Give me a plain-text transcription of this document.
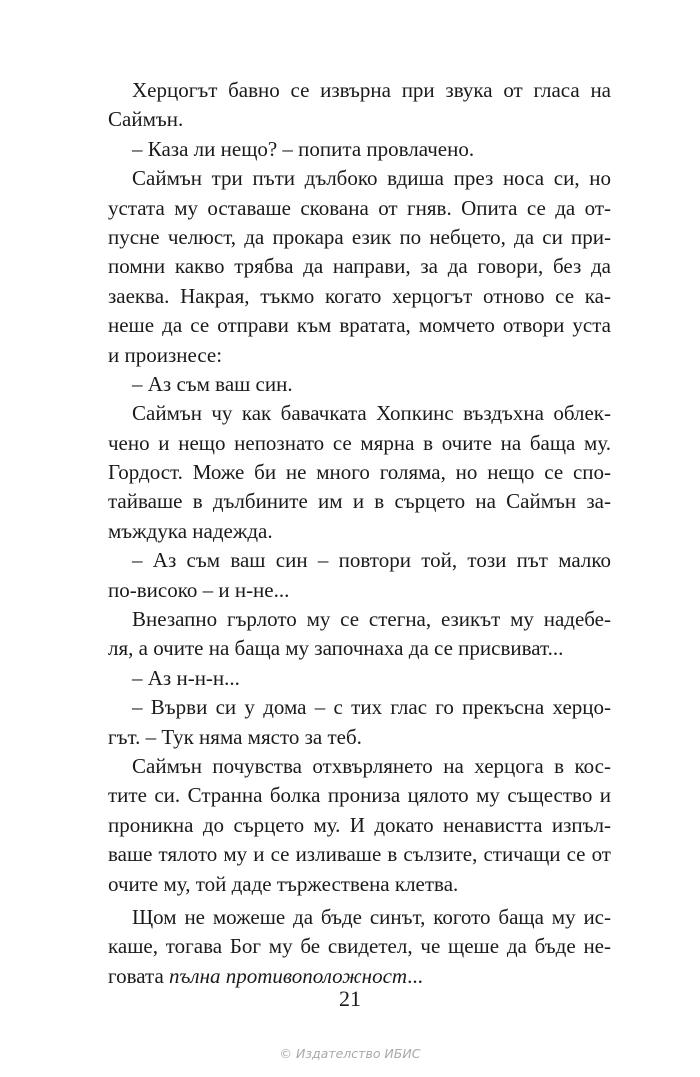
Херцогът бавно се извърна при звука от гласа на
Саймън.
– Каза ли нещо? – попита провлачено.
Саймън три пъти дълбоко вдиша през носа си, но
устата му оставаше скована от гняв. Опита се да от-
пусне челюст, да прокара език по небцето, да си при-
помни какво трябва да направи, за да говори, без да
заеква. Накрая, тъкмо когато херцогът отново се ка-
неше да се отправи към вратата, момчето отвори уста
и произнесе:
– Аз съм ваш син.
Саймън чу как бавачката Хопкинс въздъхна облек-
чено и нещо непознато се мярна в очите на баща му.
Гордост. Може би не много голяма, но нещо се спо-
тайваше в дълбините им и в сърцето на Саймън за-
мъждука надежда.
– Аз съм ваш син – повтори той, този път малко
по-високо – и н-не...
Внезапно гърлото му се стегна, езикът му надебе-
ля, а очите на баща му започнаха да се присвиват...
– Аз н-н-н...
– Върви си у дома – с тих глас го прекъсна херцо-
гът. – Тук няма място за теб.
Саймън почувства отхвърлянето на херцога в кос-
тите си. Странна болка прониза цялото му същество и
проникна до сърцето му. И докато ненавистта изпъл-
ваше тялото му и се изливаше в сълзите, стичащи се от
очите му, той даде тържествена клетва.
Щом не можеше да бъде синът, когото баща му ис-
каше, тогава Бог му бе свидетел, че щеше да бъде не-
говата пълна противоположност...
21
© Издателство ИБИС
